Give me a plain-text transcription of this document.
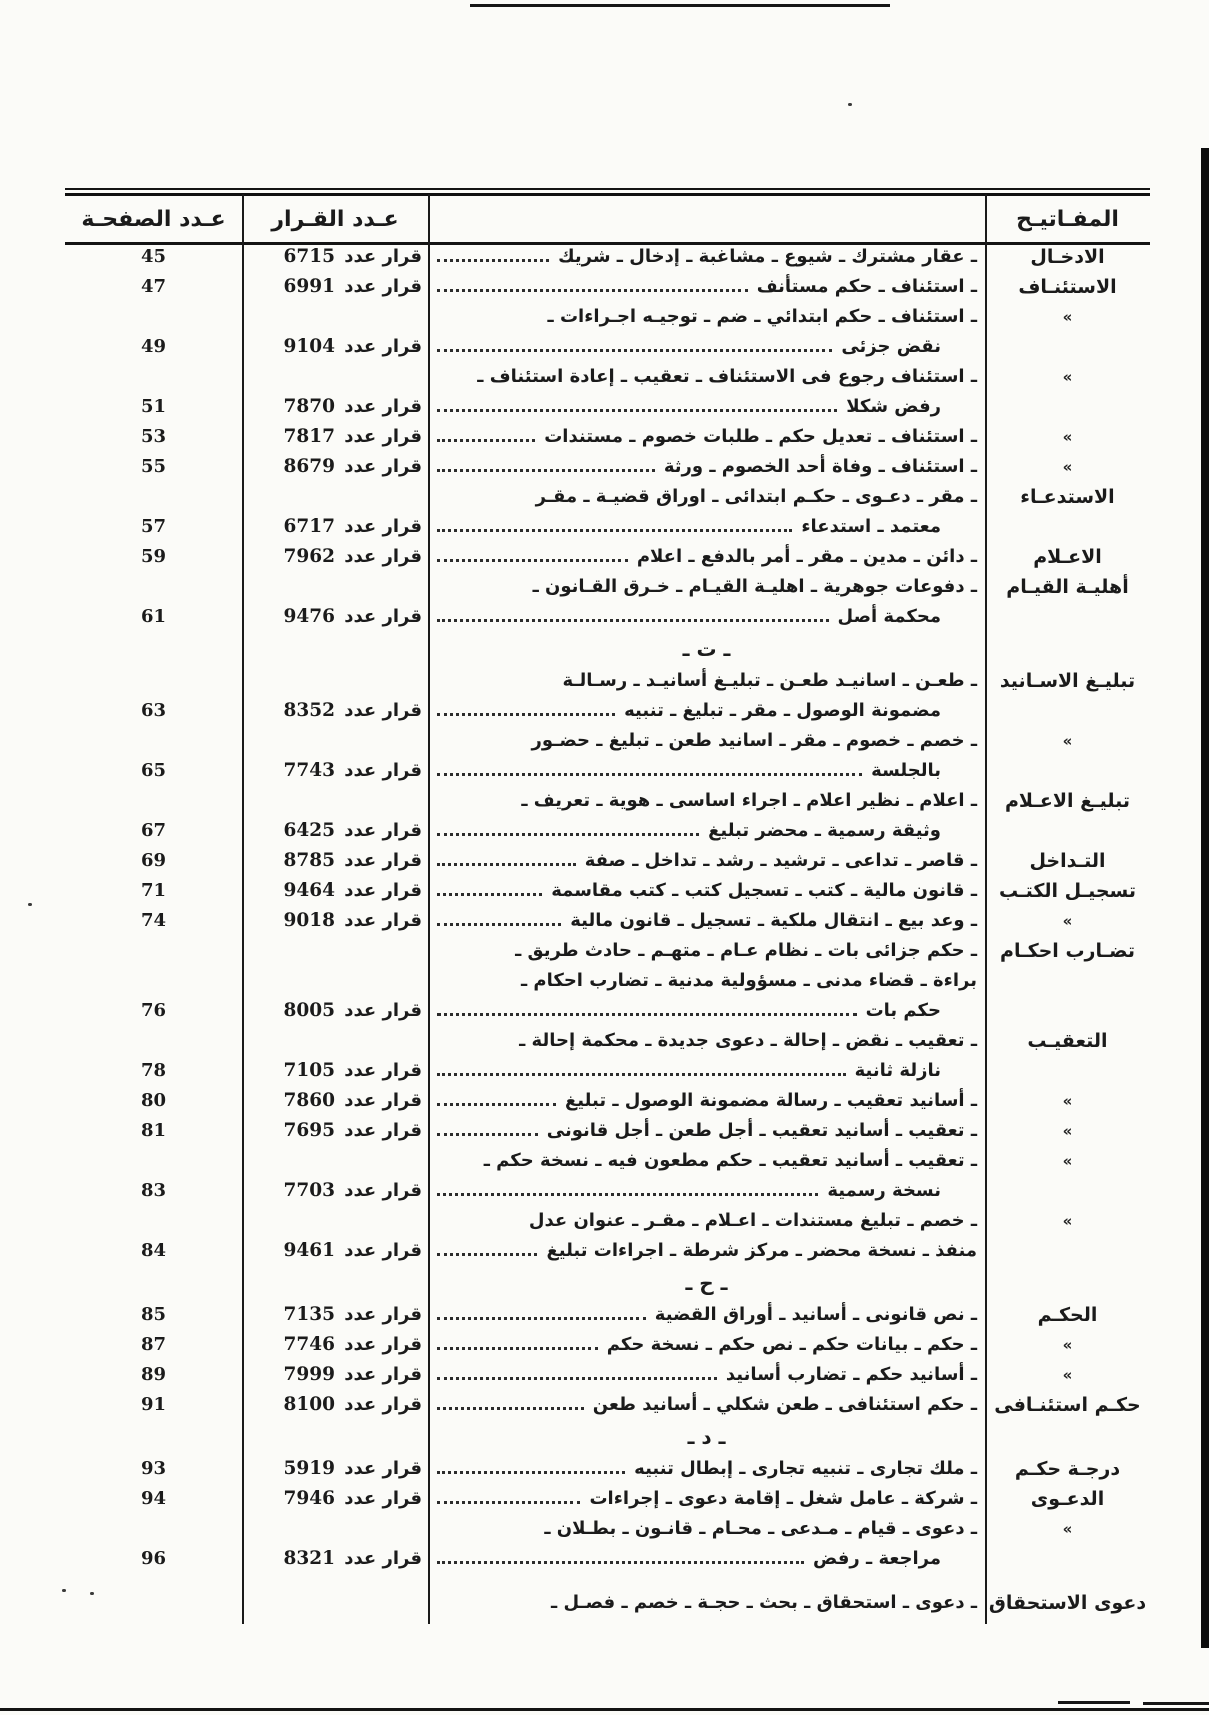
المفـاتيـح
عـدد القـرار
عـدد الصفحـة
الادخـال
ـ عقار مشترك ـ شيوع ـ مشاغبة ـ إدخال ـ شريك
قرار عدد 6715
45
الاستئنـاف
ـ استئناف ـ حكم مستأنف
قرار عدد 6991
47
»
ـ استئناف ـ حكم ابتدائي ـ ضم ـ توجيـه اجـراءات ـ
نقض جزئى
قرار عدد 9104
49
»
ـ استئناف رجوع فى الاستئناف ـ تعقيب ـ إعادة استئناف ـ
رفض شكلا
قرار عدد 7870
51
»
ـ استئناف ـ تعديل حكم ـ طلبات خصوم ـ مستندات
قرار عدد 7817
53
»
ـ استئناف ـ وفاة أحد الخصوم ـ ورثة
قرار عدد 8679
55
الاستدعـاء
ـ مقر ـ دعـوى ـ حكـم ابتدائى ـ اوراق قضيـة ـ مقـر
معتمد ـ استدعاء
قرار عدد 6717
57
الاعـلام
ـ دائن ـ مدين ـ مقر ـ أمر بالدفع ـ اعلام
قرار عدد 7962
59
أهليـة القيـام
ـ دفوعات جوهرية ـ اهليـة القيـام ـ خـرق القـانون ـ
محكمة أصل
قرار عدد 9476
61
ـ ت ـ
تبليـغ الاسـانيد
ـ طعـن ـ اسانيـد طعـن ـ تبليـغ أسانيـد ـ رسـالـة
مضمونة الوصول ـ مقر ـ تبليغ ـ تنبيه
قرار عدد 8352
63
»
ـ خصم ـ خصوم ـ مقر ـ اسانيد طعن ـ تبليغ ـ حضـور
بالجلسة
قرار عدد 7743
65
تبليـغ الاعـلام
ـ اعلام ـ نظير اعلام ـ اجراء اساسى ـ هوية ـ تعريف ـ
وثيقة رسمية ـ محضر تبليغ
قرار عدد 6425
67
التـداخل
ـ قاصر ـ تداعى ـ ترشيد ـ رشد ـ تداخل ـ صفة
قرار عدد 8785
69
تسجيـل الكتـب
ـ قانون مالية ـ كتب ـ تسجيل كتب ـ كتب مقاسمة
قرار عدد 9464
71
»
ـ وعد بيع ـ انتقال ملكية ـ تسجيل ـ قانون مالية
قرار عدد 9018
74
تضـارب احكـام
ـ حكم جزائى بات ـ نظام عـام ـ متهـم ـ حادث طريق ـ
براءة ـ قضاء مدنى ـ مسؤولية مدنية ـ تضارب احكام ـ
حكم بات
قرار عدد 8005
76
التعقيـب
ـ تعقيب ـ نقض ـ إحالة ـ دعوى جديدة ـ محكمة إحالة ـ
نازلة ثانية
قرار عدد 7105
78
»
ـ أسانيد تعقيب ـ رسالة مضمونة الوصول ـ تبليغ
قرار عدد 7860
80
»
ـ تعقيب ـ أسانيد تعقيب ـ أجل طعن ـ أجل قانونى
قرار عدد 7695
81
»
ـ تعقيب ـ أسانيد تعقيب ـ حكم مطعون فيه ـ نسخة حكم ـ
نسخة رسمية
قرار عدد 7703
83
»
ـ خصم ـ تبليغ مستندات ـ اعـلام ـ مقـر ـ عنوان عدل
منفذ ـ نسخة محضر ـ مركز شرطة ـ اجراءات تبليغ
قرار عدد 9461
84
ـ ح ـ
الحكـم
ـ نص قانونى ـ أسانيد ـ أوراق القضية
قرار عدد 7135
85
»
ـ حكم ـ بيانات حكم ـ نص حكم ـ نسخة حكم
قرار عدد 7746
87
»
ـ أسانيد حكم ـ تضارب أسانيد
قرار عدد 7999
89
حكـم استئنـافى
ـ حكم استئنافى ـ طعن شكلي ـ أسانيد طعن
قرار عدد 8100
91
ـ د ـ
درجـة حكـم
ـ ملك تجارى ـ تنبيه تجارى ـ إبطال تنبيه
قرار عدد 5919
93
الدعـوى
ـ شركة ـ عامل شغل ـ إقامة دعوى ـ إجراءات
قرار عدد 7946
94
»
ـ دعوى ـ قيام ـ مـدعى ـ محـام ـ قانـون ـ بطـلان ـ
مراجعة ـ رفض
قرار عدد 8321
96
دعوى الاستحقاق
ـ دعوى ـ استحقاق ـ بحث ـ حجـة ـ خصم ـ فصـل ـ
